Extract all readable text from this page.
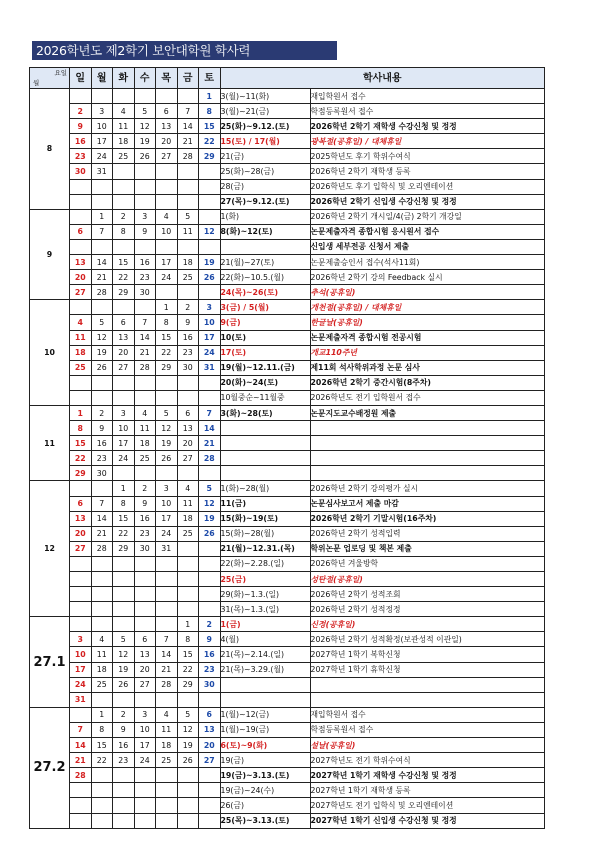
2026학년도 제2학기 보안대학원 학사력
요일
월	일	월	화	수	목	금	토	학사내용	
8							1	3(월)~11(화)	재입학원서 접수
	2	3	4	5	6	7	8	3(월)~21(금)	학점등록원서 접수
	9	10	11	12	13	14	15	25(화)~9.12.(토)	2026학년 2학기 재학생 수강신청 및 정정
	16	17	18	19	20	21	22	15(토) / 17(월)	광복절(공휴일) / 대체휴일
	23	24	25	26	27	28	29	21(금)	2025학년도 후기 학위수여식
	30	31						25(화)~28(금)	2026학년 2학기 재학생 등록
								28(금)	2026학년도 후기 입학식 및 오리엔테이션
								27(목)~9.12.(토)	2026학년 2학기 신입생 수강신청 및 정정
9		1	2	3	4	5		1(화)	2026학년 2학기 개시일/4(금) 2학기 개강일
	6	7	8	9	10	11	12	8(화)~12(토)	논문제출자격 종합시험 응시원서 접수
									신입생 세부전공 신청서 제출
	13	14	15	16	17	18	19	21(월)~27(토)	논문제출승인서 접수(석사11회)
	20	21	22	23	24	25	26	22(화)~10.5.(월)	2026학년 2학기 강의 Feedback 실시
	27	28	29	30				24(목)~26(토)	추석(공휴일)
10					1	2	3	3(금) / 5(월)	개천절(공휴일) / 대체휴일
	4	5	6	7	8	9	10	9(금)	한글날(공휴일)
	11	12	13	14	15	16	17	10(토)	논문제출자격 종합시험 전공시험
	18	19	20	21	22	23	24	17(토)	개교110주년
	25	26	27	28	29	30	31	19(월)~12.11.(금)	제11회 석사학위과정 논문 심사
								20(화)~24(토)	2026학년 2학기 중간시험(8주차)
								10월중순~11월중	2026학년도 전기 입학원서 접수
11	1	2	3	4	5	6	7	3(화)~28(토)	논문지도교수배정원 제출
	8	9	10	11	12	13	14		
	15	16	17	18	19	20	21		
	22	23	24	25	26	27	28		
	29	30							
12			1	2	3	4	5	1(화)~28(월)	2026학년 2학기 강의평가 실시
	6	7	8	9	10	11	12	11(금)	논문심사보고서 제출 마감
	13	14	15	16	17	18	19	15(화)~19(토)	2026학년 2학기 기말시험(16주차)
	20	21	22	23	24	25	26	15(화)~28(월)	2026학년 2학기 성적입력
	27	28	29	30	31			21(월)~12.31.(목)	학위논문 업로딩 및 책본 제출
								22(화)~2.28.(일)	2026학년 겨울방학
								25(금)	성탄절(공휴일)
								29(화)~1.3.(일)	2026학년 2학기 성적조회
								31(목)~1.3.(일)	2026학년 2학기 성적정정
27.1						1	2	1(금)	신정(공휴일)
	3	4	5	6	7	8	9	4(월)	2026학년 2학기 성적확정(보관성적 이관일)
	10	11	12	13	14	15	16	21(목)~2.14.(일)	2027학년 1학기 복학신청
	17	18	19	20	21	22	23	21(목)~3.29.(월)	2027학년 1학기 휴학신청
	24	25	26	27	28	29	30		
	31								
27.2		1	2	3	4	5	6	1(월)~12(금)	재입학원서 접수
	7	8	9	10	11	12	13	1(월)~19(금)	학점등록원서 접수
	14	15	16	17	18	19	20	6(토)~9(화)	설날(공휴일)
	21	22	23	24	25	26	27	19(금)	2027학년도 전기 학위수여식
	28							19(금)~3.13.(토)	2027학년 1학기 재학생 수강신청 및 정정
								19(금)~24(수)	2027학년 1학기 재학생 등록
								26(금)	2027학년도 전기 입학식 및 오리엔테이션
								25(목)~3.13.(토)	2027학년 1학기 신입생 수강신청 및 정정
